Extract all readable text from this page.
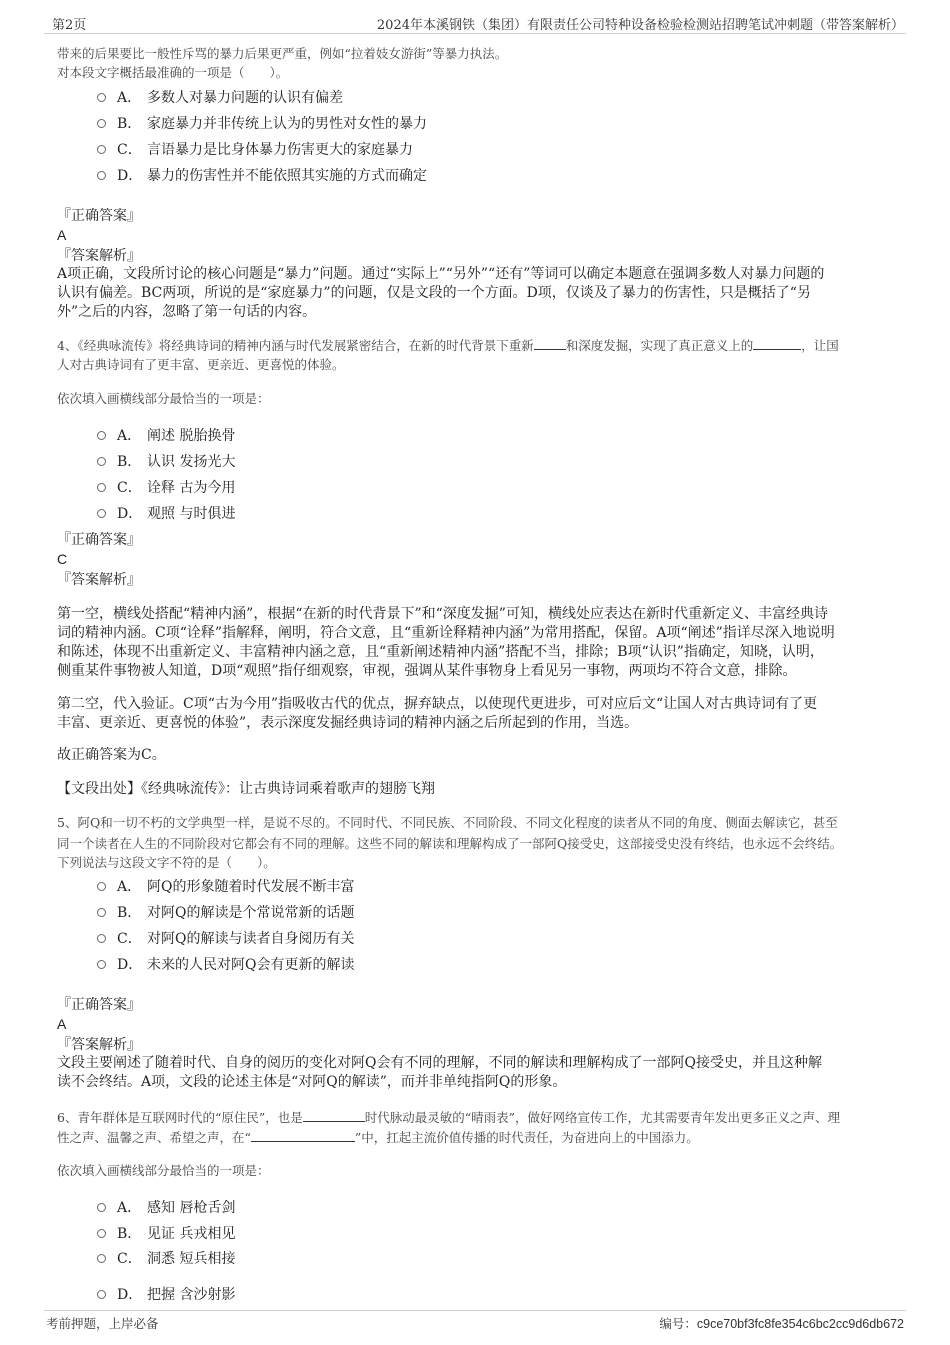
第2页	2024年本溪钢铁（集团）有限责任公司特种设备检验检测站招聘笔试冲刺题（带答案解析）
带来的后果要比一般性斥骂的暴力后果更严重，例如“拉着妓女游街”等暴力执法。
对本段文字概括最准确的一项是（　　）。
A． 多数人对暴力问题的认识有偏差
B． 家庭暴力并非传统上认为的男性对女性的暴力
C． 言语暴力是比身体暴力伤害更大的家庭暴力
D． 暴力的伤害性并不能依照其实施的方式而确定
『正确答案』
A
『答案解析』
A项正确，文段所讨论的核心问题是“暴力”问题。通过“实际上”“另外”“还有”等词可以确定本题意在强调多数人对暴力问题的
认识有偏差。BC两项，所说的是“家庭暴力”的问题，仅是文段的一个方面。D项，仅谈及了暴力的伤害性，只是概括了“另
外”之后的内容，忽略了第一句话的内容。
4、《经典咏流传》将经典诗词的精神内涵与时代发展紧密结合，在新的时代背景下重新	和深度发掘，实现了真正意义上的	，让国
人对古典诗词有了更丰富、更亲近、更喜悦的体验。
依次填入画横线部分最恰当的一项是：
A． 阐述 脱胎换骨
B． 认识 发扬光大
C． 诠释 古为今用
D． 观照 与时俱进
『正确答案』
C
『答案解析』
第一空，横线处搭配“精神内涵”，根据“在新的时代背景下”和“深度发掘”可知，横线处应表达在新时代重新定义、丰富经典诗
词的精神内涵。C项“诠释”指解释，阐明，符合文意，且“重新诠释精神内涵”为常用搭配，保留。A项“阐述”指详尽深入地说明
和陈述，体现不出重新定义、丰富精神内涵之意，且“重新阐述精神内涵”搭配不当，排除；B项“认识”指确定，知晓，认明，
侧重某件事物被人知道，D项“观照”指仔细观察，审视，强调从某件事物身上看见另一事物，两项均不符合文意，排除。
第二空，代入验证。C项“古为今用”指吸收古代的优点，摒弃缺点，以使现代更进步，可对应后文“让国人对古典诗词有了更
丰富、更亲近、更喜悦的体验”，表示深度发掘经典诗词的精神内涵之后所起到的作用，当选。
故正确答案为C。
【文段出处】《经典咏流传》：让古典诗词乘着歌声的翅膀飞翔
5、阿Q和一切不朽的文学典型一样，是说不尽的。不同时代、不同民族、不同阶段、不同文化程度的读者从不同的角度、侧面去解读它，甚至
同一个读者在人生的不同阶段对它都会有不同的理解。这些不同的解读和理解构成了一部阿Q接受史，这部接受史没有终结，也永远不会终结。
下列说法与这段文字不符的是（　　）。
A． 阿Q的形象随着时代发展不断丰富
B． 对阿Q的解读是个常说常新的话题
C． 对阿Q的解读与读者自身阅历有关
D． 未来的人民对阿Q会有更新的解读
『正确答案』
A
『答案解析』
文段主要阐述了随着时代、自身的阅历的变化对阿Q会有不同的理解，不同的解读和理解构成了一部阿Q接受史，并且这种解
读不会终结。A项，文段的论述主体是“对阿Q的解读”，而并非单纯指阿Q的形象。
6、青年群体是互联网时代的“原住民”，也是	时代脉动最灵敏的“晴雨表”，做好网络宣传工作，尤其需要青年发出更多正义之声、理
性之声、温馨之声、希望之声，在“	”中，扛起主流价值传播的时代责任，为奋进向上的中国添力。
依次填入画横线部分最恰当的一项是：
A． 感知 唇枪舌剑
B． 见证 兵戎相见
C． 洞悉 短兵相接
D． 把握 含沙射影
考前押题，上岸必备	编号：c9ce70bf3fc8fe354c6bc2cc9d6db672
